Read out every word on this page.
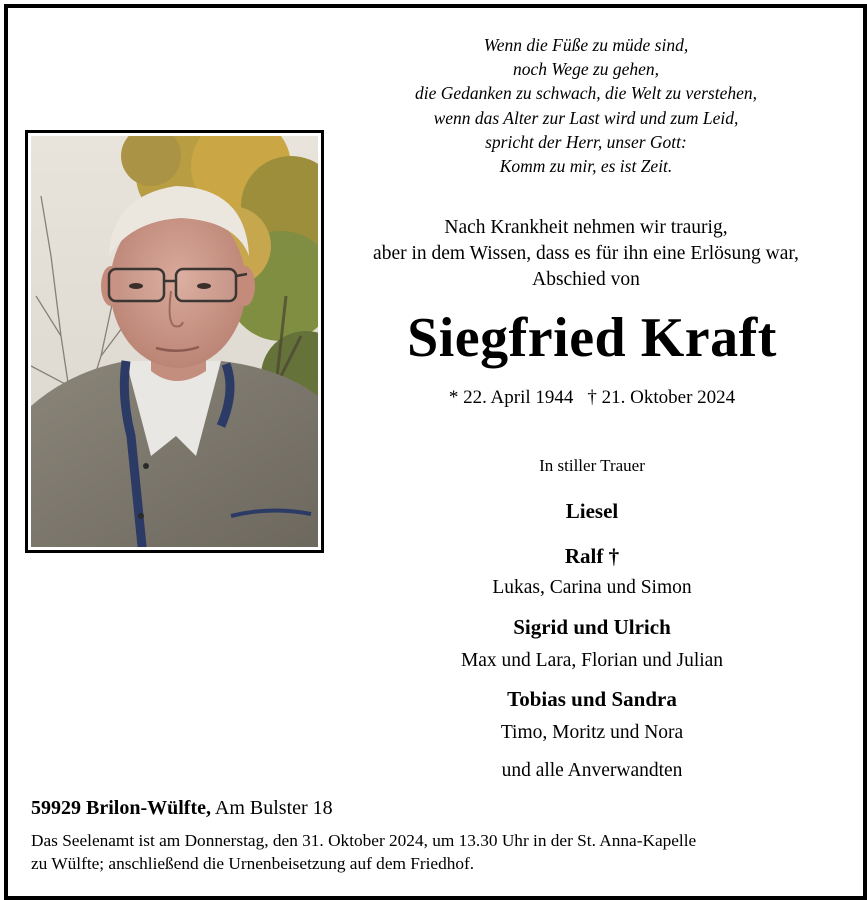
Wenn die Füße zu müde sind,
noch Wege zu gehen,
die Gedanken zu schwach, die Welt zu verstehen,
wenn das Alter zur Last wird und zum Leid,
spricht der Herr, unser Gott:
Komm zu mir, es ist Zeit.
Nach Krankheit nehmen wir traurig,
aber in dem Wissen, dass es für ihn eine Erlösung war,
Abschied von
Siegfried Kraft
* 22. April 1944 † 21. Oktober 2024
In stiller Trauer
Liesel
Ralf †
Lukas, Carina und Simon
Sigrid und Ulrich
Max und Lara, Florian und Julian
Tobias und Sandra
Timo, Moritz und Nora
und alle Anverwandten
59929 Brilon-Wülfte, Am Bulster 18
Das Seelenamt ist am Donnerstag, den 31. Oktober 2024, um 13.30 Uhr in der St. Anna-Kapelle
zu Wülfte; anschließend die Urnenbeisetzung auf dem Friedhof.
